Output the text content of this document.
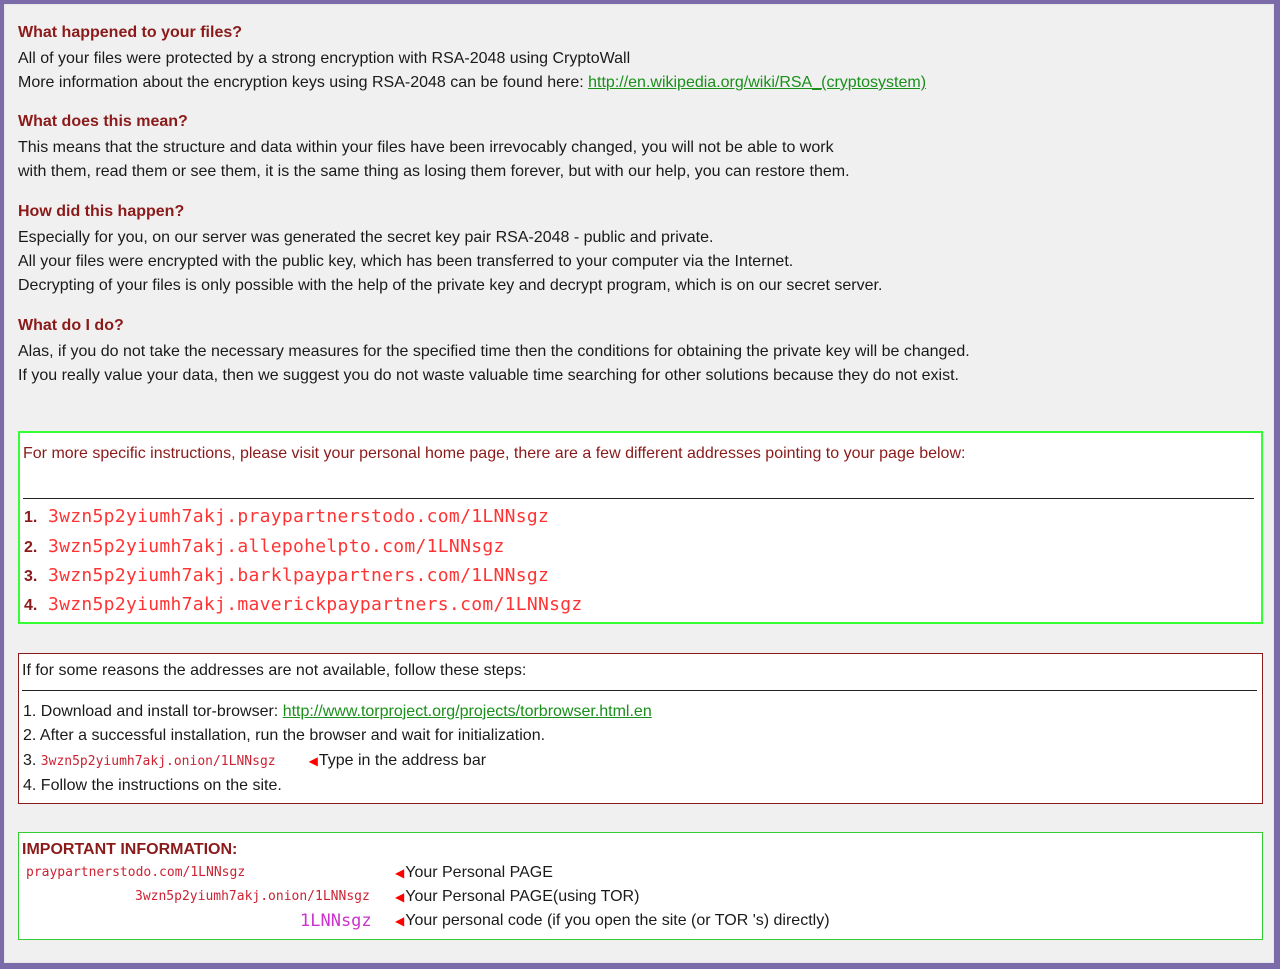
What happened to your files?
All of your files were protected by a strong encryption with RSA-2048 using CryptoWall
More information about the encryption keys using RSA-2048 can be found here: http://en.wikipedia.org/wiki/RSA_(cryptosystem)
What does this mean?
This means that the structure and data within your files have been irrevocably changed, you will not be able to work
with them, read them or see them, it is the same thing as losing them forever, but with our help, you can restore them.
How did this happen?
Especially for you, on our server was generated the secret key pair RSA-2048 - public and private.
All your files were encrypted with the public key, which has been transferred to your computer via the Internet.
Decrypting of your files is only possible with the help of the private key and decrypt program, which is on our secret server.
What do I do?
Alas, if you do not take the necessary measures for the specified time then the conditions for obtaining the private key will be changed.
If you really value your data, then we suggest you do not waste valuable time searching for other solutions because they do not exist.
For more specific instructions, please visit your personal home page, there are a few different addresses pointing to your page below:
1. 3wzn5p2yiumh7akj.praypartnerstodo.com/1LNNsgz
2. 3wzn5p2yiumh7akj.allepohelpto.com/1LNNsgz
3. 3wzn5p2yiumh7akj.barklpaypartners.com/1LNNsgz
4. 3wzn5p2yiumh7akj.maverickpaypartners.com/1LNNsgz
If for some reasons the addresses are not available, follow these steps:
1. Download and install tor-browser: http://www.torproject.org/projects/torbrowser.html.en
2. After a successful installation, run the browser and wait for initialization.
3. 3wzn5p2yiumh7akj.onion/1LNNsgz	◀Type in the address bar
4. Follow the instructions on the site.
IMPORTANT INFORMATION:
praypartnerstodo.com/1LNNsgz	◀Your Personal PAGE
3wzn5p2yiumh7akj.onion/1LNNsgz ◀Your Personal PAGE(using TOR)
1LNNsgz ◀Your personal code (if you open the site (or TOR 's) directly)
